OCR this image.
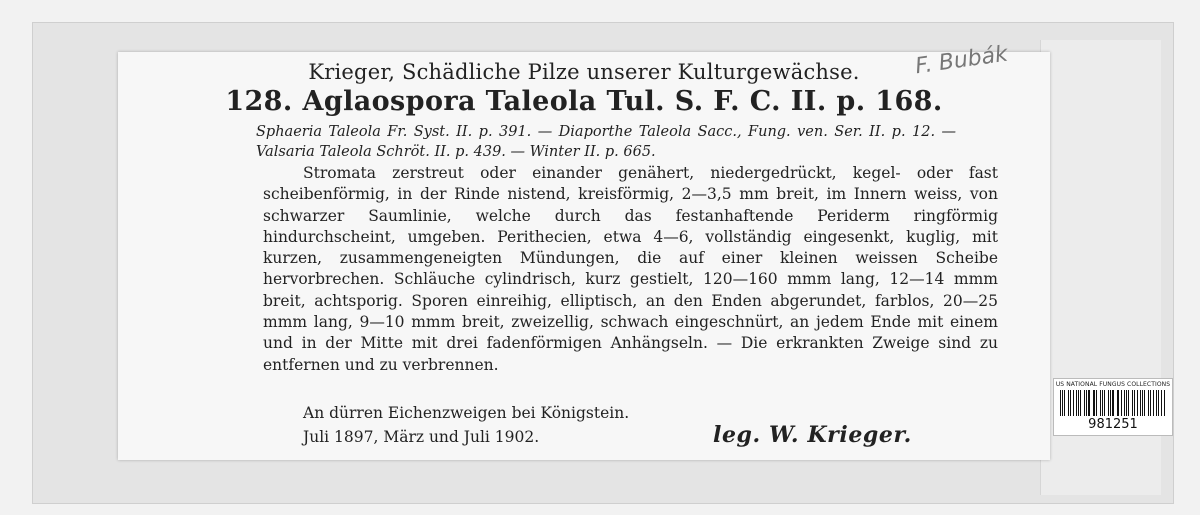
Krieger, Schädliche Pilze unserer Kulturgewächse.
128. Aglaospora Taleola Tul. S. F. C. II. p. 168.
Sphaeria Taleola Fr. Syst. II. p. 391. — Diaporthe Taleola Sacc., Fung. ven. Ser. II. p. 12. — Valsaria Taleola Schröt. II. p. 439. — Winter II. p. 665.

Stromata zerstreut oder einander genähert, niedergedrückt, kegel- oder fast scheibenförmig, in der Rinde nistend, kreisförmig, 2—3,5 mm breit, im Innern weiss, von schwarzer Saumlinie, welche durch das festanhaftende Periderm ringförmig hindurchscheint, umgeben. Perithecien, etwa 4—6, vollständig eingesenkt, kuglig, mit kurzen, zusammengeneigten Mündungen, die auf einer kleinen weissen Scheibe hervorbrechen. Schläuche cylindrisch, kurz gestielt, 120—160 mmm lang, 12—14 mmm breit, achtsporig. Sporen einreihig, elliptisch, an den Enden abgerundet, farblos, 20—25 mmm lang, 9—10 mmm breit, zweizellig, schwach eingeschnürt, an jedem Ende mit einem und in der Mitte mit drei fadenförmigen Anhängseln. — Die erkrankten Zweige sind zu entfernen und zu verbrennen.

An dürren Eichenzweigen bei Königstein.
Juli 1897, März und Juli 1902.	leg. W. Krieger.
F. Bubák
US NATIONAL FUNGUS COLLECTIONS
981251
